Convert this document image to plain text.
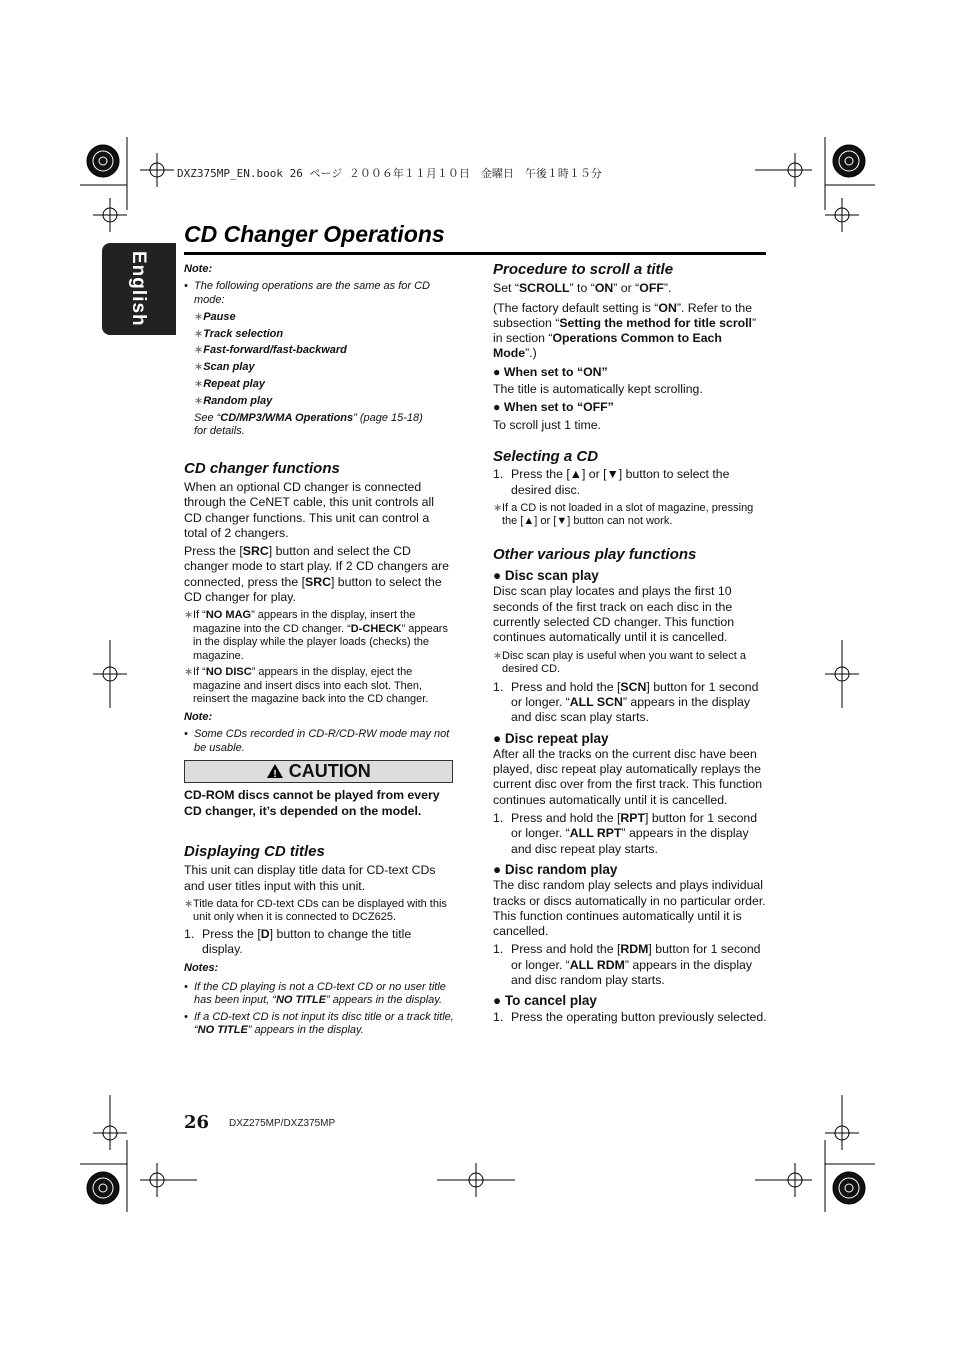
DXZ375MP_EN.book 26 ページ ２００６年１１月１０日　金曜日　午後１時１５分
English
CD Changer Operations

Note:

• The following operations are the same as for CD mode:

∗Pause

∗Track selection

∗Fast-forward/fast-backward

∗Scan play

∗Repeat play

∗Random play

See “CD/MP3/WMA Operations” (page 15-18)
for details.

CD changer functions

When an optional CD changer is connected through the CeNET cable, this unit controls all CD changer functions. This unit can control a total of 2 changers.

Press the [SRC] button and select the CD changer mode to start play. If 2 CD changers are connected, press the [SRC] button to select the CD changer for play.

∗ If “NO MAG” appears in the display, insert the magazine into the CD changer. “D-CHECK” appears in the display while the player loads (checks) the magazine.
∗ If “NO DISC” appears in the display, eject the magazine and insert discs into each slot. Then, reinsert the magazine back into the CD changer.

Note:

• Some CDs recorded in CD-R/CD-RW mode may not be usable.

! CAUTION

CD-ROM discs cannot be played from every CD changer, it’s depended on the model.

Displaying CD titles

This unit can display title data for CD-text CDs and user titles input with this unit.

∗ Title data for CD-text CDs can be displayed with this unit only when it is connected to DCZ625.
1. Press the [D] button to change the title display.

Notes:

• If the CD playing is not a CD-text CD or no user title has been input, “NO TITLE” appears in the display.

• If a CD-text CD is not input its disc title or a track title, “NO TITLE” appears in the display.

Procedure to scroll a title

Set “SCROLL” to “ON” or “OFF”.

(The factory default setting is “ON”. Refer to the subsection “Setting the method for title scroll” in section “Operations Common to Each Mode”.)

● When set to “ON”

The title is automatically kept scrolling.

● When set to “OFF”

To scroll just 1 time.

Selecting a CD

1. Press the [▲] or [▼] button to select the desired disc.
∗ If a CD is not loaded in a slot of magazine, pressing the [▲] or [▼] button can not work.

Other various play functions

● Disc scan play

Disc scan play locates and plays the first 10 seconds of the first track on each disc in the currently selected CD changer. This function continues automatically until it is cancelled.

∗ Disc scan play is useful when you want to select a desired CD.
1. Press and hold the [SCN] button for 1 second or longer. “ALL SCN” appears in the display and disc scan play starts.

● Disc repeat play

After all the tracks on the current disc have been played, disc repeat play automatically replays the current disc over from the first track. This function continues automatically until it is cancelled.

1. Press and hold the [RPT] button for 1 second or longer. “ALL RPT” appears in the display and disc repeat play starts.

● Disc random play

The disc random play selects and plays individual tracks or discs automatically in no particular order. This function continues automatically until it is cancelled.

1. Press and hold the [RDM] button for 1 second or longer. “ALL RDM” appears in the display and disc random play starts.

● To cancel play

1. Press the operating button previously selected.
26 DXZ275MP/DXZ375MP
